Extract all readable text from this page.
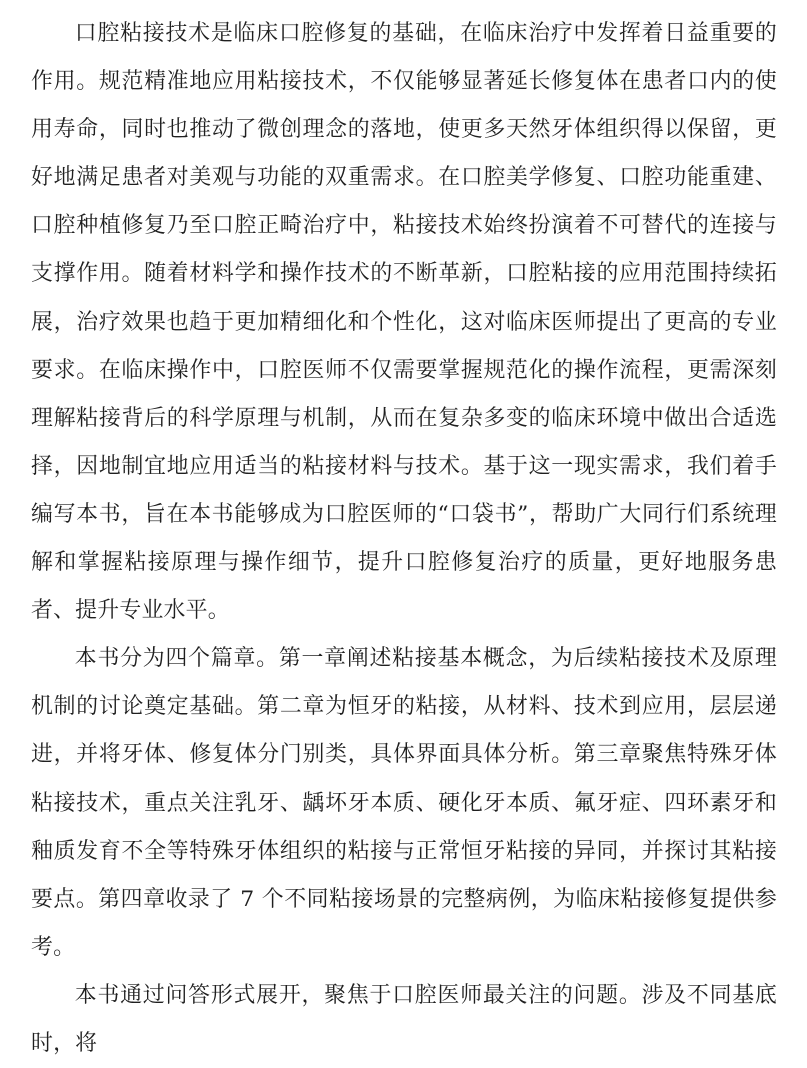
口腔粘接技术是临床口腔修复的基础，在临床治疗中发挥着日益重要的作用。规范精准地应用粘接技术，不仅能够显著延长修复体在患者口内的使用寿命，同时也推动了微创理念的落地，使更多天然牙体组织得以保留，更好地满足患者对美观与功能的双重需求。在口腔美学修复、口腔功能重建、口腔种植修复乃至口腔正畸治疗中，粘接技术始终扮演着不可替代的连接与支撑作用。随着材料学和操作技术的不断革新，口腔粘接的应用范围持续拓展，治疗效果也趋于更加精细化和个性化，这对临床医师提出了更高的专业要求。在临床操作中，口腔医师不仅需要掌握规范化的操作流程，更需深刻理解粘接背后的科学原理与机制，从而在复杂多变的临床环境中做出合适选择，因地制宜地应用适当的粘接材料与技术。基于这一现实需求，我们着手编写本书，旨在本书能够成为口腔医师的“口袋书”，帮助广大同行们系统理解和掌握粘接原理与操作细节，提升口腔修复治疗的质量，更好地服务患者、提升专业水平。

本书分为四个篇章。第一章阐述粘接基本概念，为后续粘接技术及原理机制的讨论奠定基础。第二章为恒牙的粘接，从材料、技术到应用，层层递进，并将牙体、修复体分门别类，具体界面具体分析。第三章聚焦特殊牙体粘接技术，重点关注乳牙、龋坏牙本质、硬化牙本质、氟牙症、四环素牙和釉质发育不全等特殊牙体组织的粘接与正常恒牙粘接的异同，并探讨其粘接要点。第四章收录了 7 个不同粘接场景的完整病例，为临床粘接修复提供参考。

本书通过问答形式展开，聚焦于口腔医师最关注的问题。涉及不同基底时，将
